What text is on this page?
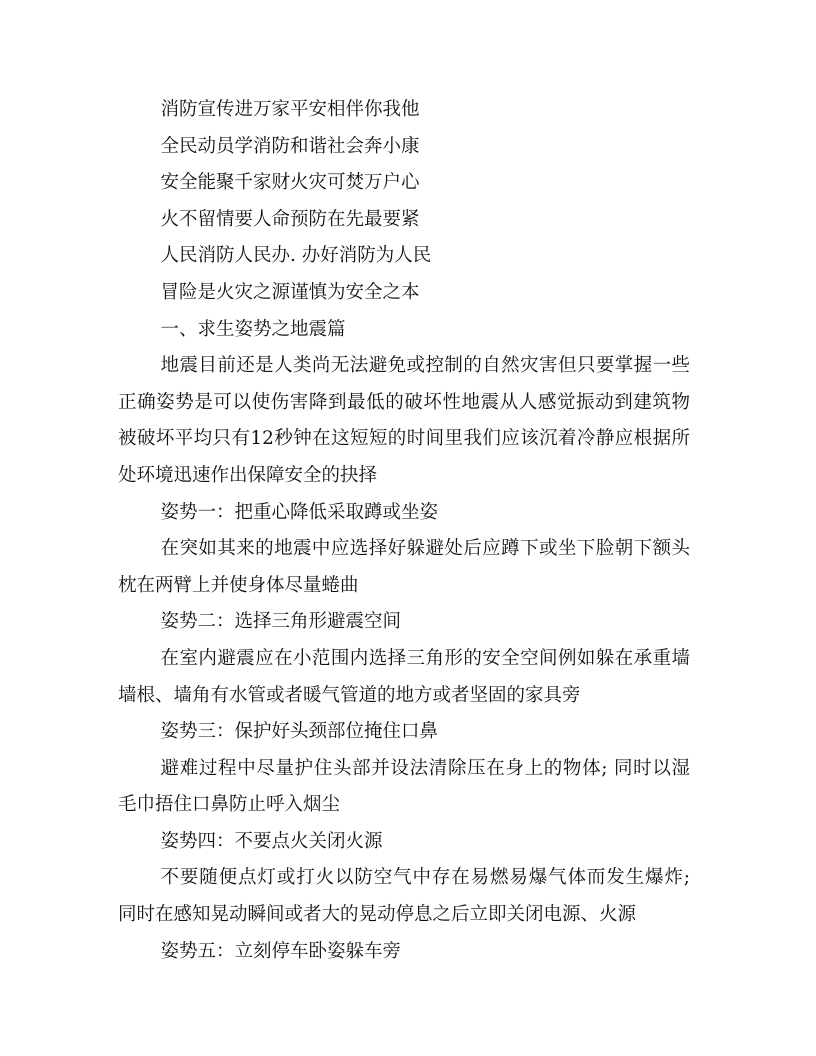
消防宣传进万家平安相伴你我他

全民动员学消防和谐社会奔小康

安全能聚千家财火灾可焚万户心

火不留情要人命预防在先最要紧

人民消防人民办. 办好消防为人民

冒险是火灾之源谨慎为安全之本

一、求生姿势之地震篇

地震目前还是人类尚无法避免或控制的自然灾害但只要掌握一些正确姿势是可以使伤害降到最低的破坏性地震从人感觉振动到建筑物被破坏平均只有12秒钟在这短短的时间里我们应该沉着冷静应根据所处环境迅速作出保障安全的抉择

姿势一：把重心降低采取蹲或坐姿

在突如其来的地震中应选择好躲避处后应蹲下或坐下脸朝下额头枕在两臂上并使身体尽量蜷曲

姿势二：选择三角形避震空间

在室内避震应在小范围内选择三角形的安全空间例如躲在承重墙墙根、墙角有水管或者暖气管道的地方或者坚固的家具旁

姿势三：保护好头颈部位掩住口鼻

避难过程中尽量护住头部并设法清除压在身上的物体; 同时以湿毛巾捂住口鼻防止呼入烟尘

姿势四：不要点火关闭火源

不要随便点灯或打火以防空气中存在易燃易爆气体而发生爆炸; 同时在感知晃动瞬间或者大的晃动停息之后立即关闭电源、火源

姿势五：立刻停车卧姿躲车旁
